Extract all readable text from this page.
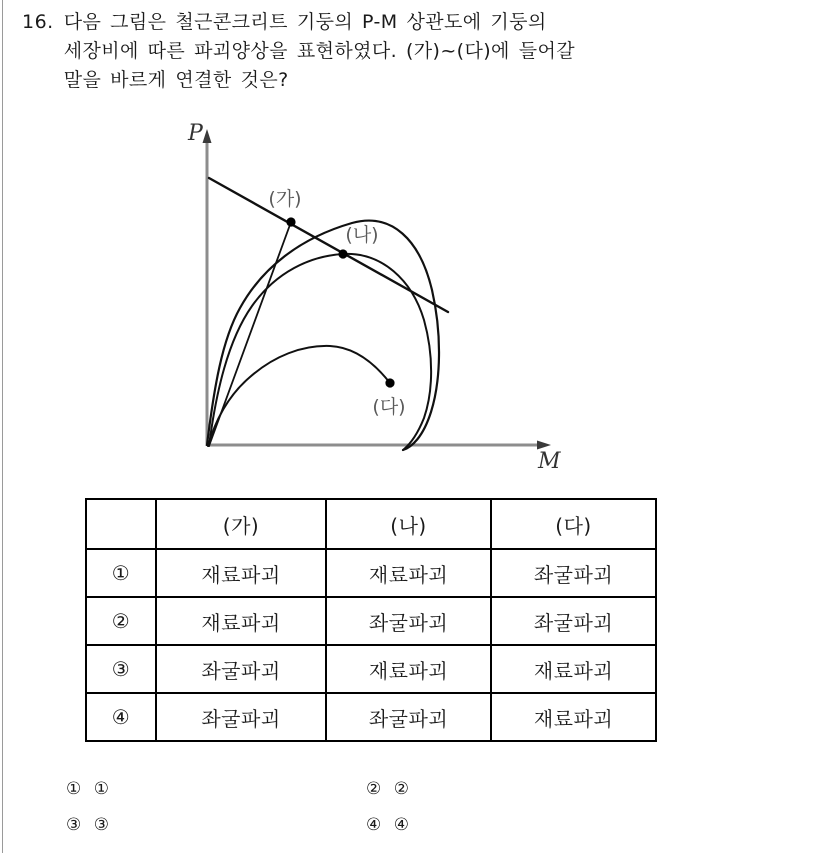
16. 다음 그림은 철근콘크리트 기둥의 P-M 상관도에 기둥의
세장비에 따른 파괴양상을 표현하였다. (가)~(다)에 들어갈
말을 바르게 연결한 것은?
P
M
(가)
(나)
(다)
	(가)	(나)	(다)
①	재료파괴	재료파괴	좌굴파괴
②	재료파괴	좌굴파괴	좌굴파괴
③	좌굴파괴	재료파괴	재료파괴
④	좌굴파괴	좌굴파괴	재료파괴
① ①	② ②
③ ③	④ ④
